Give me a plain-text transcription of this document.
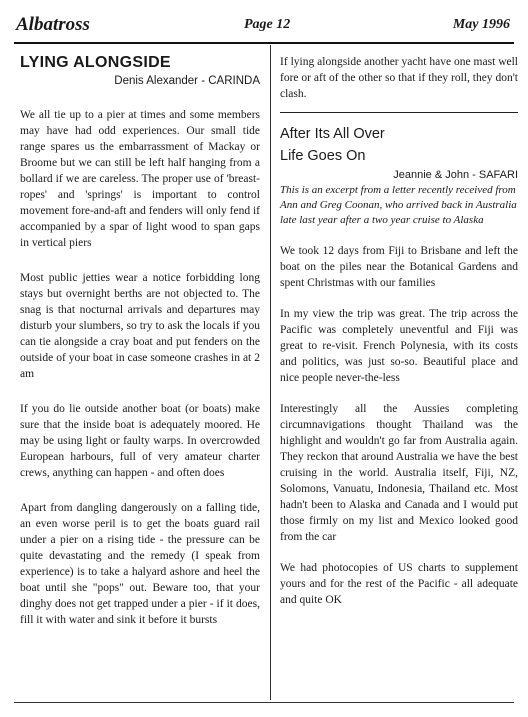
Albatross	Page 12	May 1996
LYING ALONGSIDE
Denis Alexander - CARINDA

We all tie up to a pier at times and some members may have had odd experiences. Our small tide range spares us the embarrassment of Mackay or Broome but we can still be left half hanging from a bollard if we are careless. The proper use of 'breast-ropes' and 'springs' is important to control movement fore-and-aft and fenders will only fend if accompanied by a spar of light wood to span gaps in vertical piers

Most public jetties wear a notice forbidding long stays but overnight berths are not objected to. The snag is that nocturnal arrivals and departures may disturb your slumbers, so try to ask the locals if you can tie alongside a cray boat and put fenders on the outside of your boat in case someone crashes in at 2 am

If you do lie outside another boat (or boats) make sure that the inside boat is adequately moored. He may be using light or faulty warps. In overcrowded European harbours, full of very amateur charter crews, anything can happen - and often does

Apart from dangling dangerously on a falling tide, an even worse peril is to get the boats guard rail under a pier on a rising tide - the pressure can be quite devastating and the remedy (I speak from experience) is to take a halyard ashore and heel the boat until she "pops" out. Beware too, that your dinghy does not get trapped under a pier - if it does, fill it with water and sink it before it bursts

If lying alongside another yacht have one mast well fore or aft of the other so that if they roll, they don't clash.

After Its All Over
Life Goes On
Jeannie & John - SAFARI

This is an excerpt from a letter recently received from Ann and Greg Coonan, who arrived back in Australia late last year after a two year cruise to Alaska

We took 12 days from Fiji to Brisbane and left the boat on the piles near the Botanical Gardens and spent Christmas with our families

In my view the trip was great. The trip across the Pacific was completely uneventful and Fiji was great to re-visit. French Polynesia, with its costs and politics, was just so-so. Beautiful place and nice people never-the-less

Interestingly all the Aussies completing circumnavigations thought Thailand was the highlight and wouldn't go far from Australia again. They reckon that around Australia we have the best cruising in the world. Australia itself, Fiji, NZ, Solomons, Vanuatu, Indonesia, Thailand etc. Most hadn't been to Alaska and Canada and I would put those firmly on my list and Mexico looked good from the car

We had photocopies of US charts to supplement yours and for the rest of the Pacific - all adequate and quite OK
